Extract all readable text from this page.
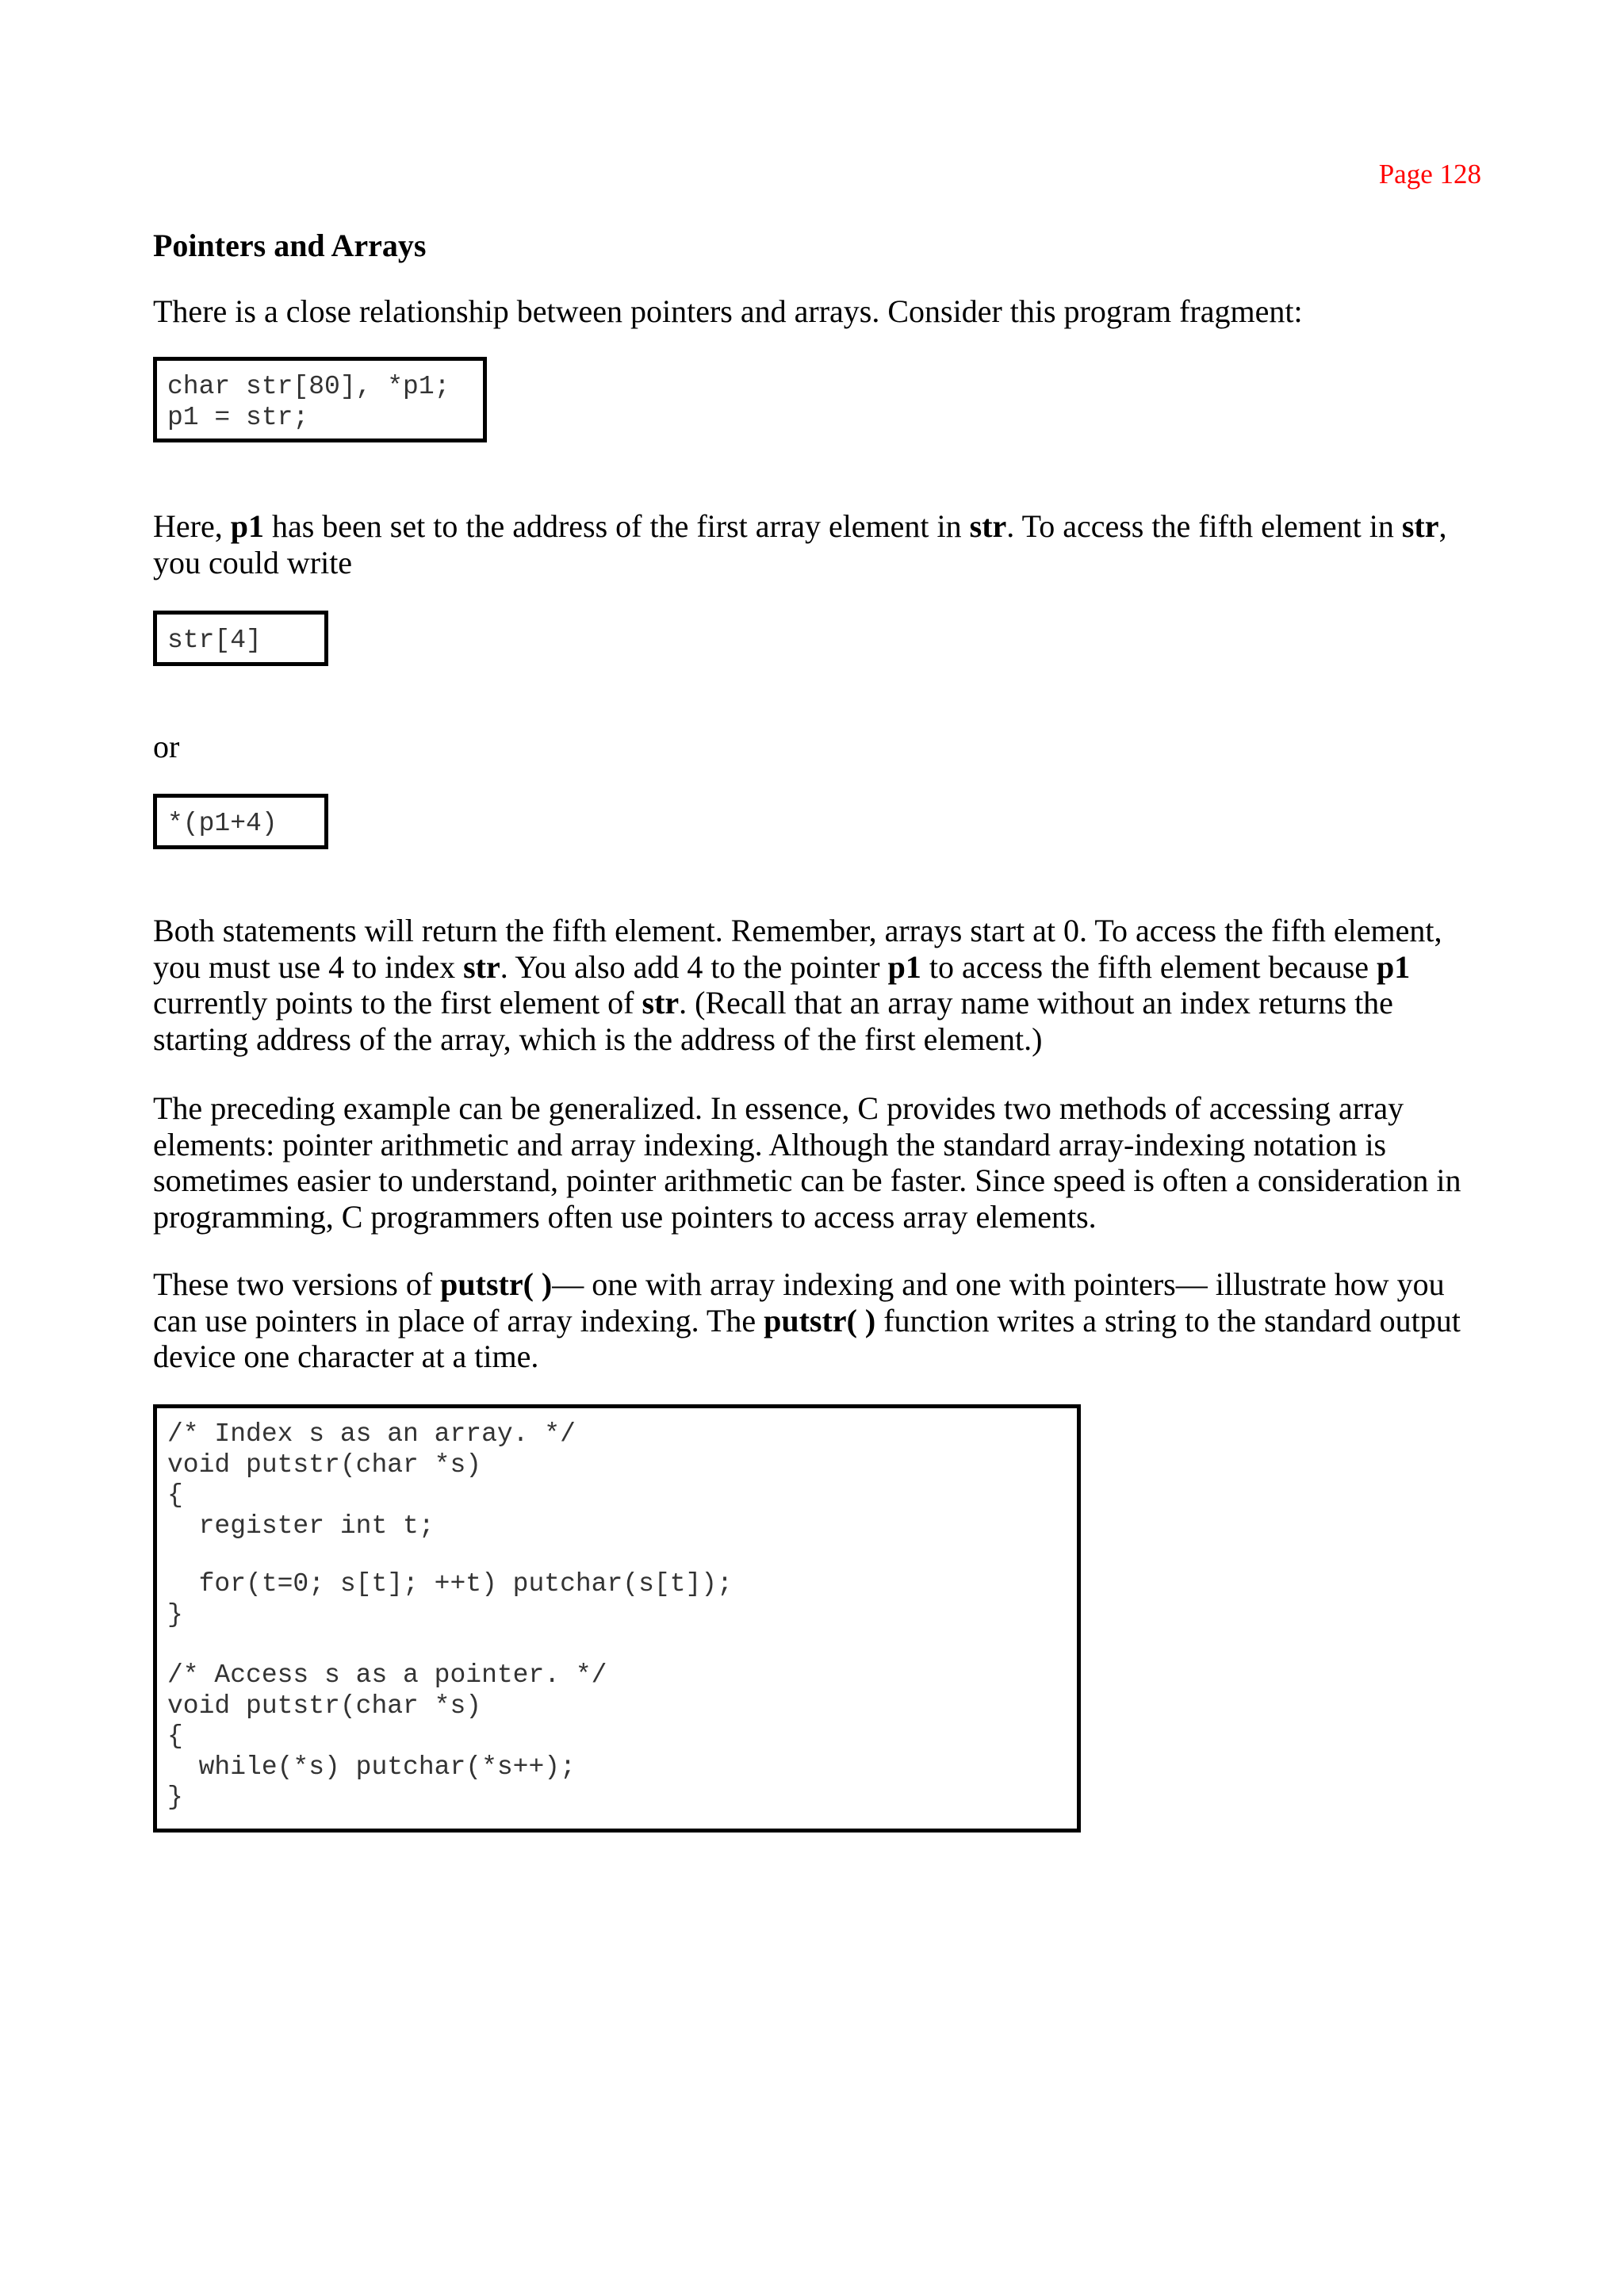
Page 128

Pointers and Arrays

There is a close relationship between pointers and arrays. Consider this program fragment:

char str[80], *p1;
p1 = str;

Here, p1 has been set to the address of the first array element in str. To access the fifth element in str, you could write

str[4]

or

*(p1+4)

Both statements will return the fifth element. Remember, arrays start at 0. To access the fifth element, you must use 4 to index str. You also add 4 to the pointer p1 to access the fifth element because p1 currently points to the first element of str. (Recall that an array name without an index returns the starting address of the array, which is the address of the first element.)

The preceding example can be generalized. In essence, C provides two methods of accessing array elements: pointer arithmetic and array indexing. Although the standard array-indexing notation is sometimes easier to understand, pointer arithmetic can be faster. Since speed is often a consideration in programming, C programmers often use pointers to access array elements.

These two versions of putstr( )— one with array indexing and one with pointers— illustrate how you can use pointers in place of array indexing. The putstr( ) function writes a string to the standard output device one character at a time.

/* Index s as an array. */
void putstr(char *s)
{
register int t;
for(t=0; s[t]; ++t) putchar(s[t]);
}
/* Access s as a pointer. */
void putstr(char *s)
{
while(*s) putchar(*s++);
}
